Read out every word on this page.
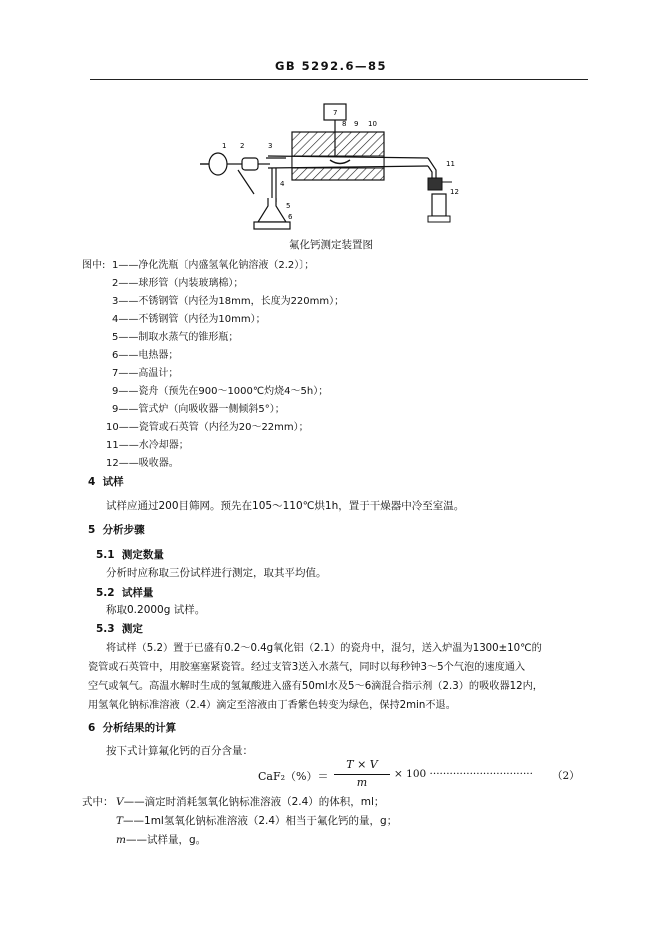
GB 5292.6—85
1 2	3
4
5
6
7
8 9 10
11
12
氟化钙测定装置图
图中: 1——净化洗瓶〔内盛氢氧化钠溶液（2.2）〕；
2——球形管（内装玻璃棉）；
3——不锈钢管（内径为18mm，长度为220mm）；
4——不锈钢管（内径为10mm）；
5——制取水蒸气的锥形瓶；
6——电热器；
7——高温计；
9——瓷舟（预先在900～1000℃灼烧4～5h）；
9——管式炉（向吸收器一侧倾斜5°）；
10——瓷管或石英管（内径为20～22mm）；
11——水冷却器；
12——吸收器。
4 试样
试样应通过200目筛网。预先在105～110℃烘1h，置于干燥器中冷至室温。
5 分析步骤
5.1 测定数量
分析时应称取三份试样进行测定，取其平均值。
5.2 试样量
称取0.2000g 试样。
5.3 测定
将试样（5.2）置于已盛有0.2～0.4g氧化铝（2.1）的瓷舟中，混匀，送入炉温为1300±10℃的
瓷管或石英管中，用胶塞塞紧瓷管。经过支管3送入水蒸气，同时以每秒钟3～5个气泡的速度通入
空气或氧气。高温水解时生成的氢氟酸进入盛有50ml水及5～6滴混合指示剂（2.3）的吸收器12内，
用氢氧化钠标准溶液（2.4）滴定至溶液由丁香紫色转变为绿色，保持2min不退。
6 分析结果的计算
按下式计算氟化钙的百分含量：
CaF₂（%）＝
T × V
m
× 100 ······························· （2）
式中： V——滴定时消耗氢氧化钠标准溶液（2.4）的体积，ml；
T——1ml氢氧化钠标准溶液（2.4）相当于氟化钙的量，g；
m——试样量，g。
